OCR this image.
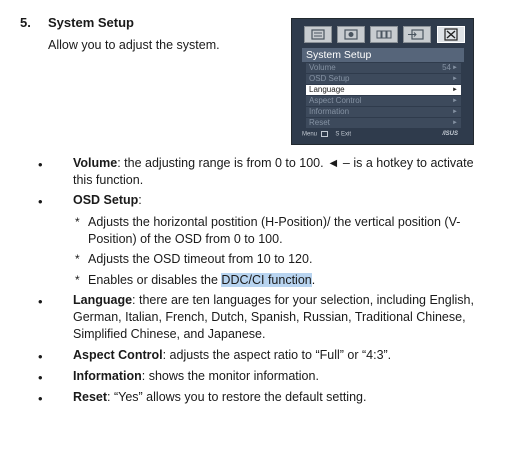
5. System Setup
Allow you to adjust the system.
System Setup
Volume	54 ►
OSD Setup	►
Language	►
Aspect Control	►
Information	►
Reset	►
Menu	S Exit	/ISUS
• Volume: the adjusting range is from 0 to 100. ◄ – is a hotkey to activate this function.
• OSD Setup:
* Adjusts the horizontal postition (H-Position)/ the vertical position (V-Position) of the OSD from 0 to 100.
* Adjusts the OSD timeout from 10 to 120.
* Enables or disables the DDC/CI function.
• Language: there are ten languages for your selection, including English, German, Italian, French, Dutch, Spanish, Russian, Traditional Chinese, Simplified Chinese, and Japanese.
• Aspect Control: adjusts the aspect ratio to “Full” or “4:3”.
• Information: shows the monitor information.
• Reset: “Yes” allows you to restore the default setting.
